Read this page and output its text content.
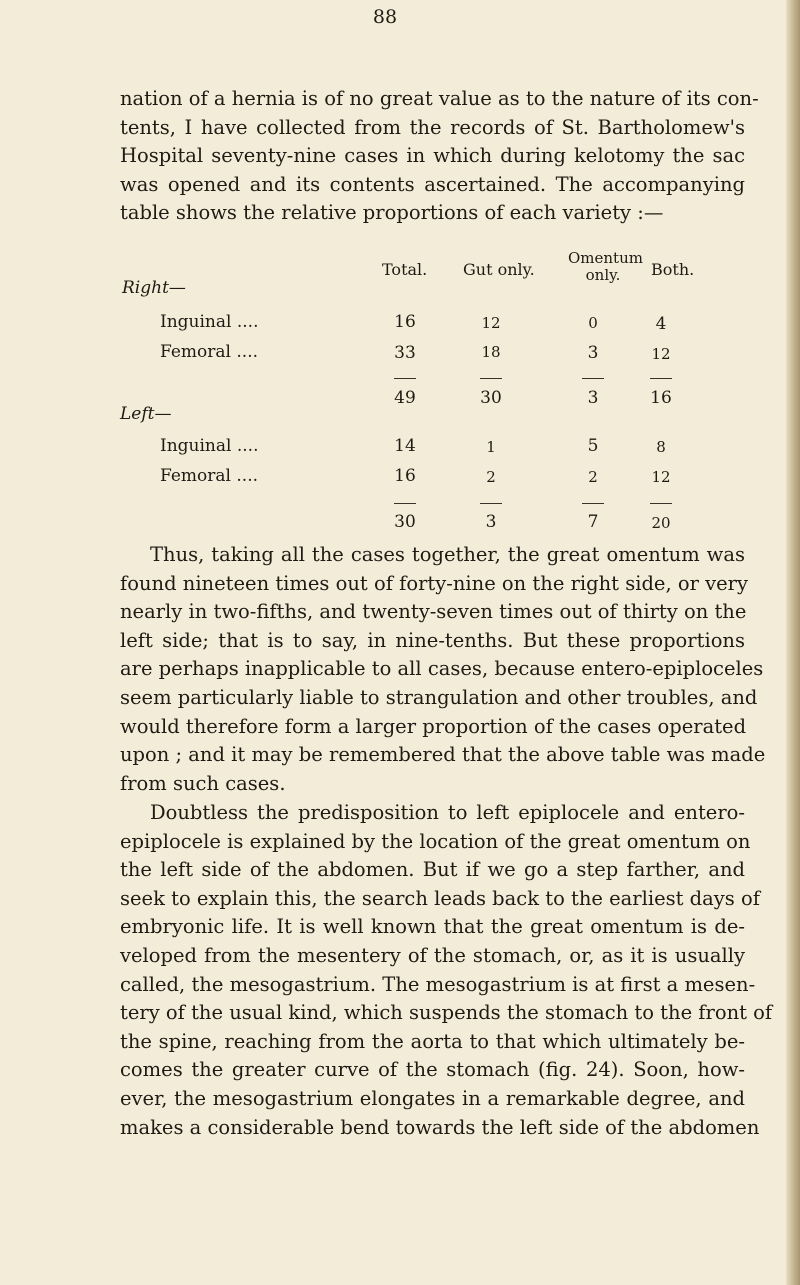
88
nation of a hernia is of no great value as to the nature of its con-
tents, I have collected from the records of St. Bartholomew's
Hospital seventy-nine cases in which during kelotomy the sac
was opened and its contents ascertained. The accompanying
table shows the relative proportions of each variety :—
Total. Gut only.
Omentum only.	Both.
Right—
Inguinal ....	16	12	0	4
Femoral ....	33	18	3	12
49	30	3	16
Left—
Inguinal ....	14	1	5	8
Femoral ....	16	2	2	12
30	3	7	20
Thus, taking all the cases together, the great omentum was
found nineteen times out of forty-nine on the right side, or very
nearly in two-fifths, and twenty-seven times out of thirty on the
left side; that is to say, in nine-tenths. But these proportions
are perhaps inapplicable to all cases, because entero-epiploceles
seem particularly liable to strangulation and other troubles, and
would therefore form a larger proportion of the cases operated
upon ; and it may be remembered that the above table was made
from such cases.
Doubtless the predisposition to left epiplocele and entero-
epiplocele is explained by the location of the great omentum on
the left side of the abdomen. But if we go a step farther, and
seek to explain this, the search leads back to the earliest days of
embryonic life. It is well known that the great omentum is de-
veloped from the mesentery of the stomach, or, as it is usually
called, the mesogastrium. The mesogastrium is at first a mesen-
tery of the usual kind, which suspends the stomach to the front of
the spine, reaching from the aorta to that which ultimately be-
comes the greater curve of the stomach (fig. 24). Soon, how-
ever, the mesogastrium elongates in a remarkable degree, and
makes a considerable bend towards the left side of the abdomen
